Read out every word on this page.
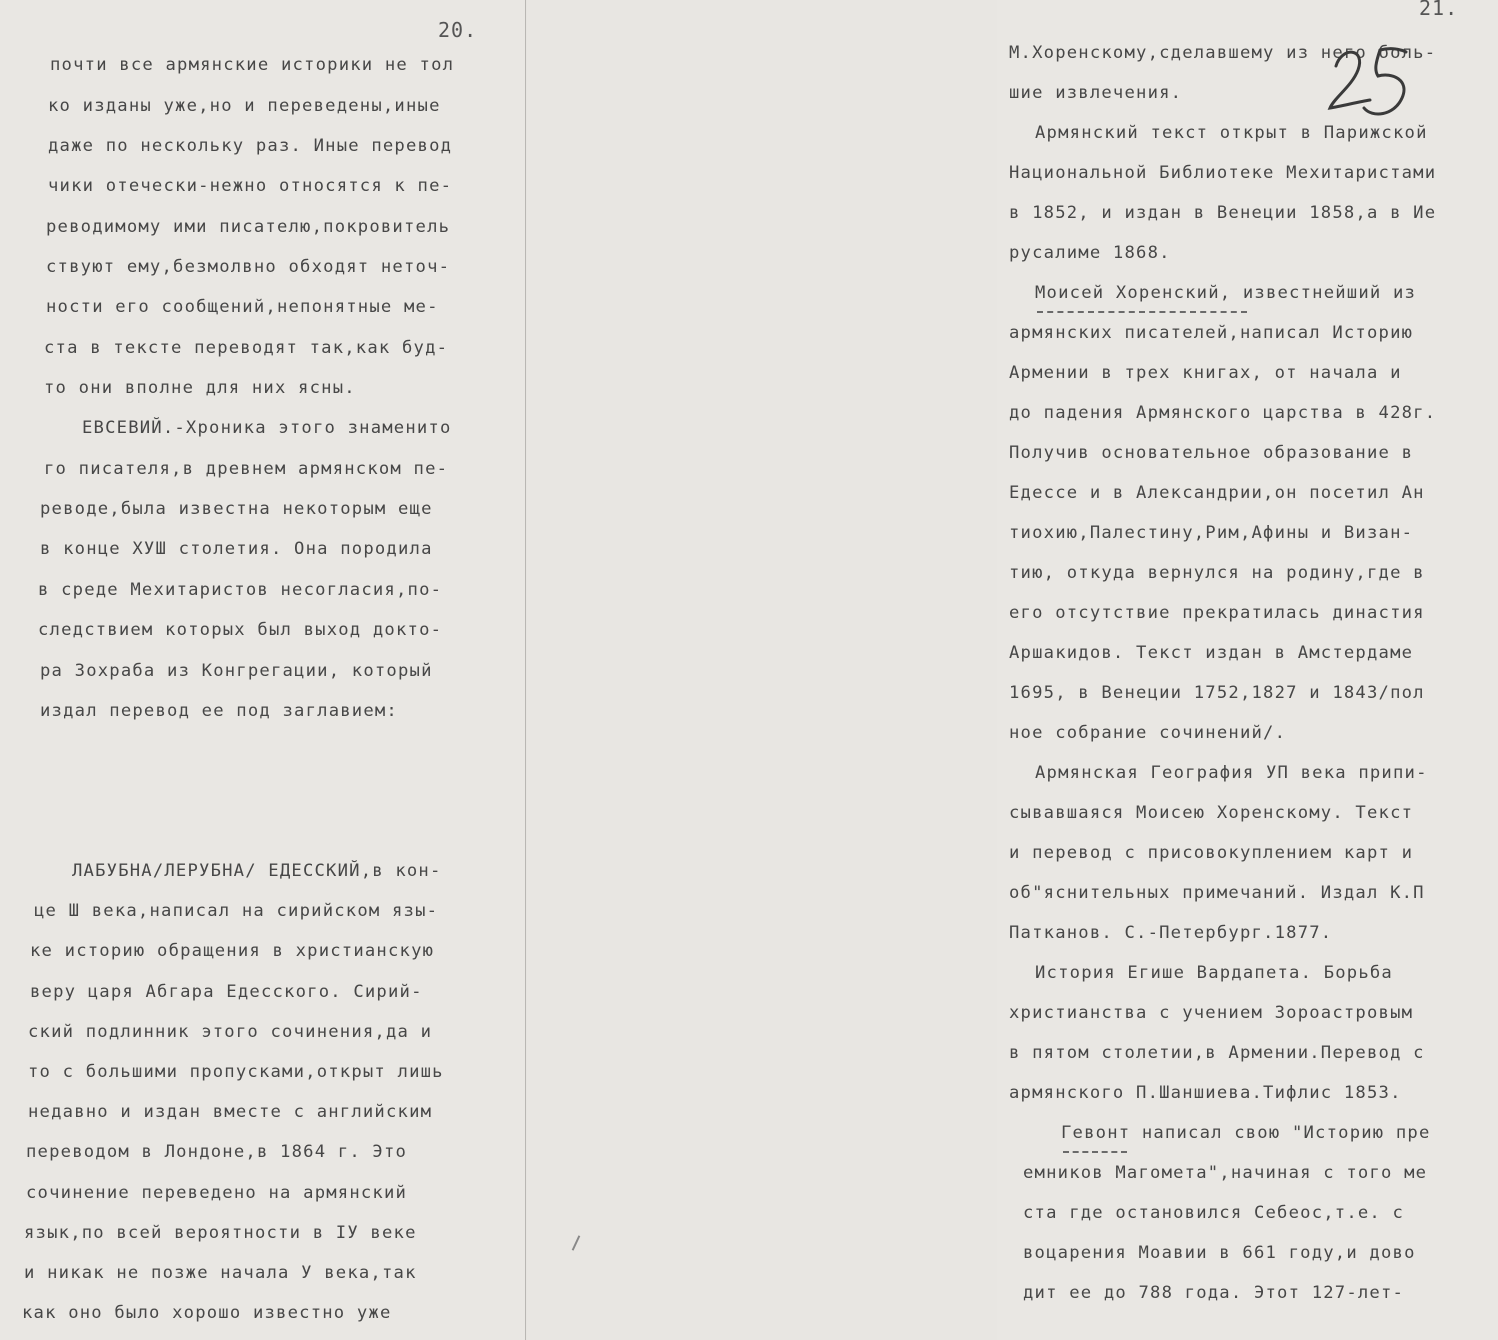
20.
почти все армянские историки не тол
ко изданы уже,но и переведены,иные
даже по нескольку раз. Иные перевод
чики отечески-нежно относятся к пе-
реводимому ими писателю,покровитель
ствуют ему,безмолвно обходят неточ-
ности его сообщений,непонятные ме-
ста в тексте переводят так,как буд-
то они вполне для них ясны.
ЕВСЕВИЙ.-Хроника этого знаменито
го писателя,в древнем армянском пе-
реводе,была известна некоторым еще
в конце ХУШ столетия. Она породила
в среде Мехитаристов несогласия,по-
следствием которых был выход докто-
ра Зохраба из Конгрегации, который
издал перевод ее под заглавием:
ЛАБУБНА/ЛЕРУБНА/ ЕДЕССКИЙ,в кон-
це Ш века,написал на сирийском язы-
ке историю обращения в христианскую
веру царя Абгара Едесского. Сирий-
ский подлинник этого сочинения,да и
то с большими пропусками,открыт лишь
недавно и издан вместе с английским
переводом в Лондоне,в 1864 г. Это
сочинение переведено на армянский
язык,по всей вероятности в IУ веке
и никак не позже начала У века,так
как оно было хорошо известно уже
21.
М.Хоренскому,сделавшему из него боль-
шие извлечения.
Армянский текст открыт в Парижской
Национальной Библиотеке Мехитаристами
в 1852, и издан в Венеции 1858,а в Ие
русалиме 1868.
Моисей Хоренский, известнейший из
армянских писателей,написал Историю
Армении в трех книгах, от начала и
до падения Армянского царства в 428г.
Получив основательное образование в
Едессе и в Александрии,он посетил Ан
тиохию,Палестину,Рим,Афины и Визан-
тию, откуда вернулся на родину,где в
его отсутствие прекратилась династия
Аршакидов. Текст издан в Амстердаме
1695, в Венеции 1752,1827 и 1843/пол
ное собрание сочинений/.
Армянская География УП века припи-
сывавшаяся Моисею Хоренскому. Текст
и перевод с присовокуплением карт и
об"яснительных примечаний. Издал К.П
Патканов. С.-Петербург.1877.
История Егише Вардапета. Борьба
христианства с учением Зороастровым
в пятом столетии,в Армении.Перевод с
армянского П.Шаншиева.Тифлис 1853.
Гевонт написал свою "Историю пре
емников Магомета",начиная с того ме
ста где остановился Себеос,т.е. с
воцарения Моавии в 661 году,и дово
дит ее до 788 года. Этот 127-лет-
